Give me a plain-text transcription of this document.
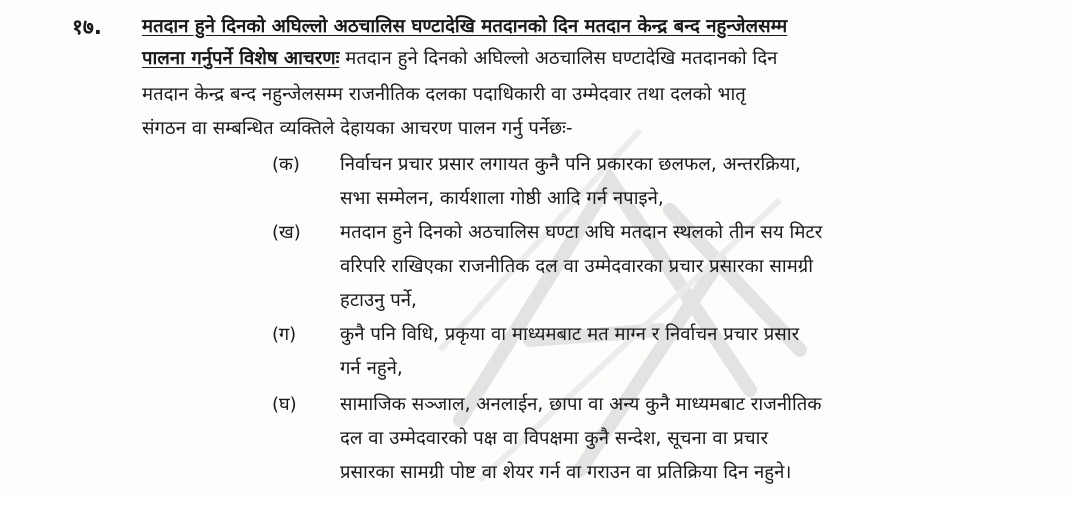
१७. मतदान हुने दिनको अघिल्लो अठचालिस घण्टादेखि मतदानको दिन मतदान केन्द्र बन्द नहुन्जेलसम्म
पालना गर्नुपर्ने विशेष आचरणः मतदान हुने दिनको अघिल्लो अठचालिस घण्टादेखि मतदानको दिन
मतदान केन्द्र बन्द नहुन्जेलसम्म राजनीतिक दलका पदाधिकारी वा उम्मेदवार तथा दलको भातृ
संगठन वा सम्बन्धित व्यक्तिले देहायका आचरण पालन गर्नु पर्नेछः-
(क) निर्वाचन प्रचार प्रसार लगायत कुनै पनि प्रकारका छलफल, अन्तरक्रिया,
सभा सम्मेलन, कार्यशाला गोष्ठी आदि गर्न नपाइने,
(ख) मतदान हुने दिनको अठचालिस घण्टा अघि मतदान स्थलको तीन सय मिटर
वरिपरि राखिएका राजनीतिक दल वा उम्मेदवारका प्रचार प्रसारका सामग्री
हटाउनु पर्ने,
(ग) कुनै पनि विधि, प्रकृया वा माध्यमबाट मत माग्न र निर्वाचन प्रचार प्रसार
गर्न नहुने,
(घ) सामाजिक सञ्जाल, अनलाईन, छापा वा अन्य कुनै माध्यमबाट राजनीतिक
दल वा उम्मेदवारको पक्ष वा विपक्षमा कुनै सन्देश, सूचना वा प्रचार
प्रसारका सामग्री पोष्ट वा शेयर गर्न वा गराउन वा प्रतिक्रिया दिन नहुने।
